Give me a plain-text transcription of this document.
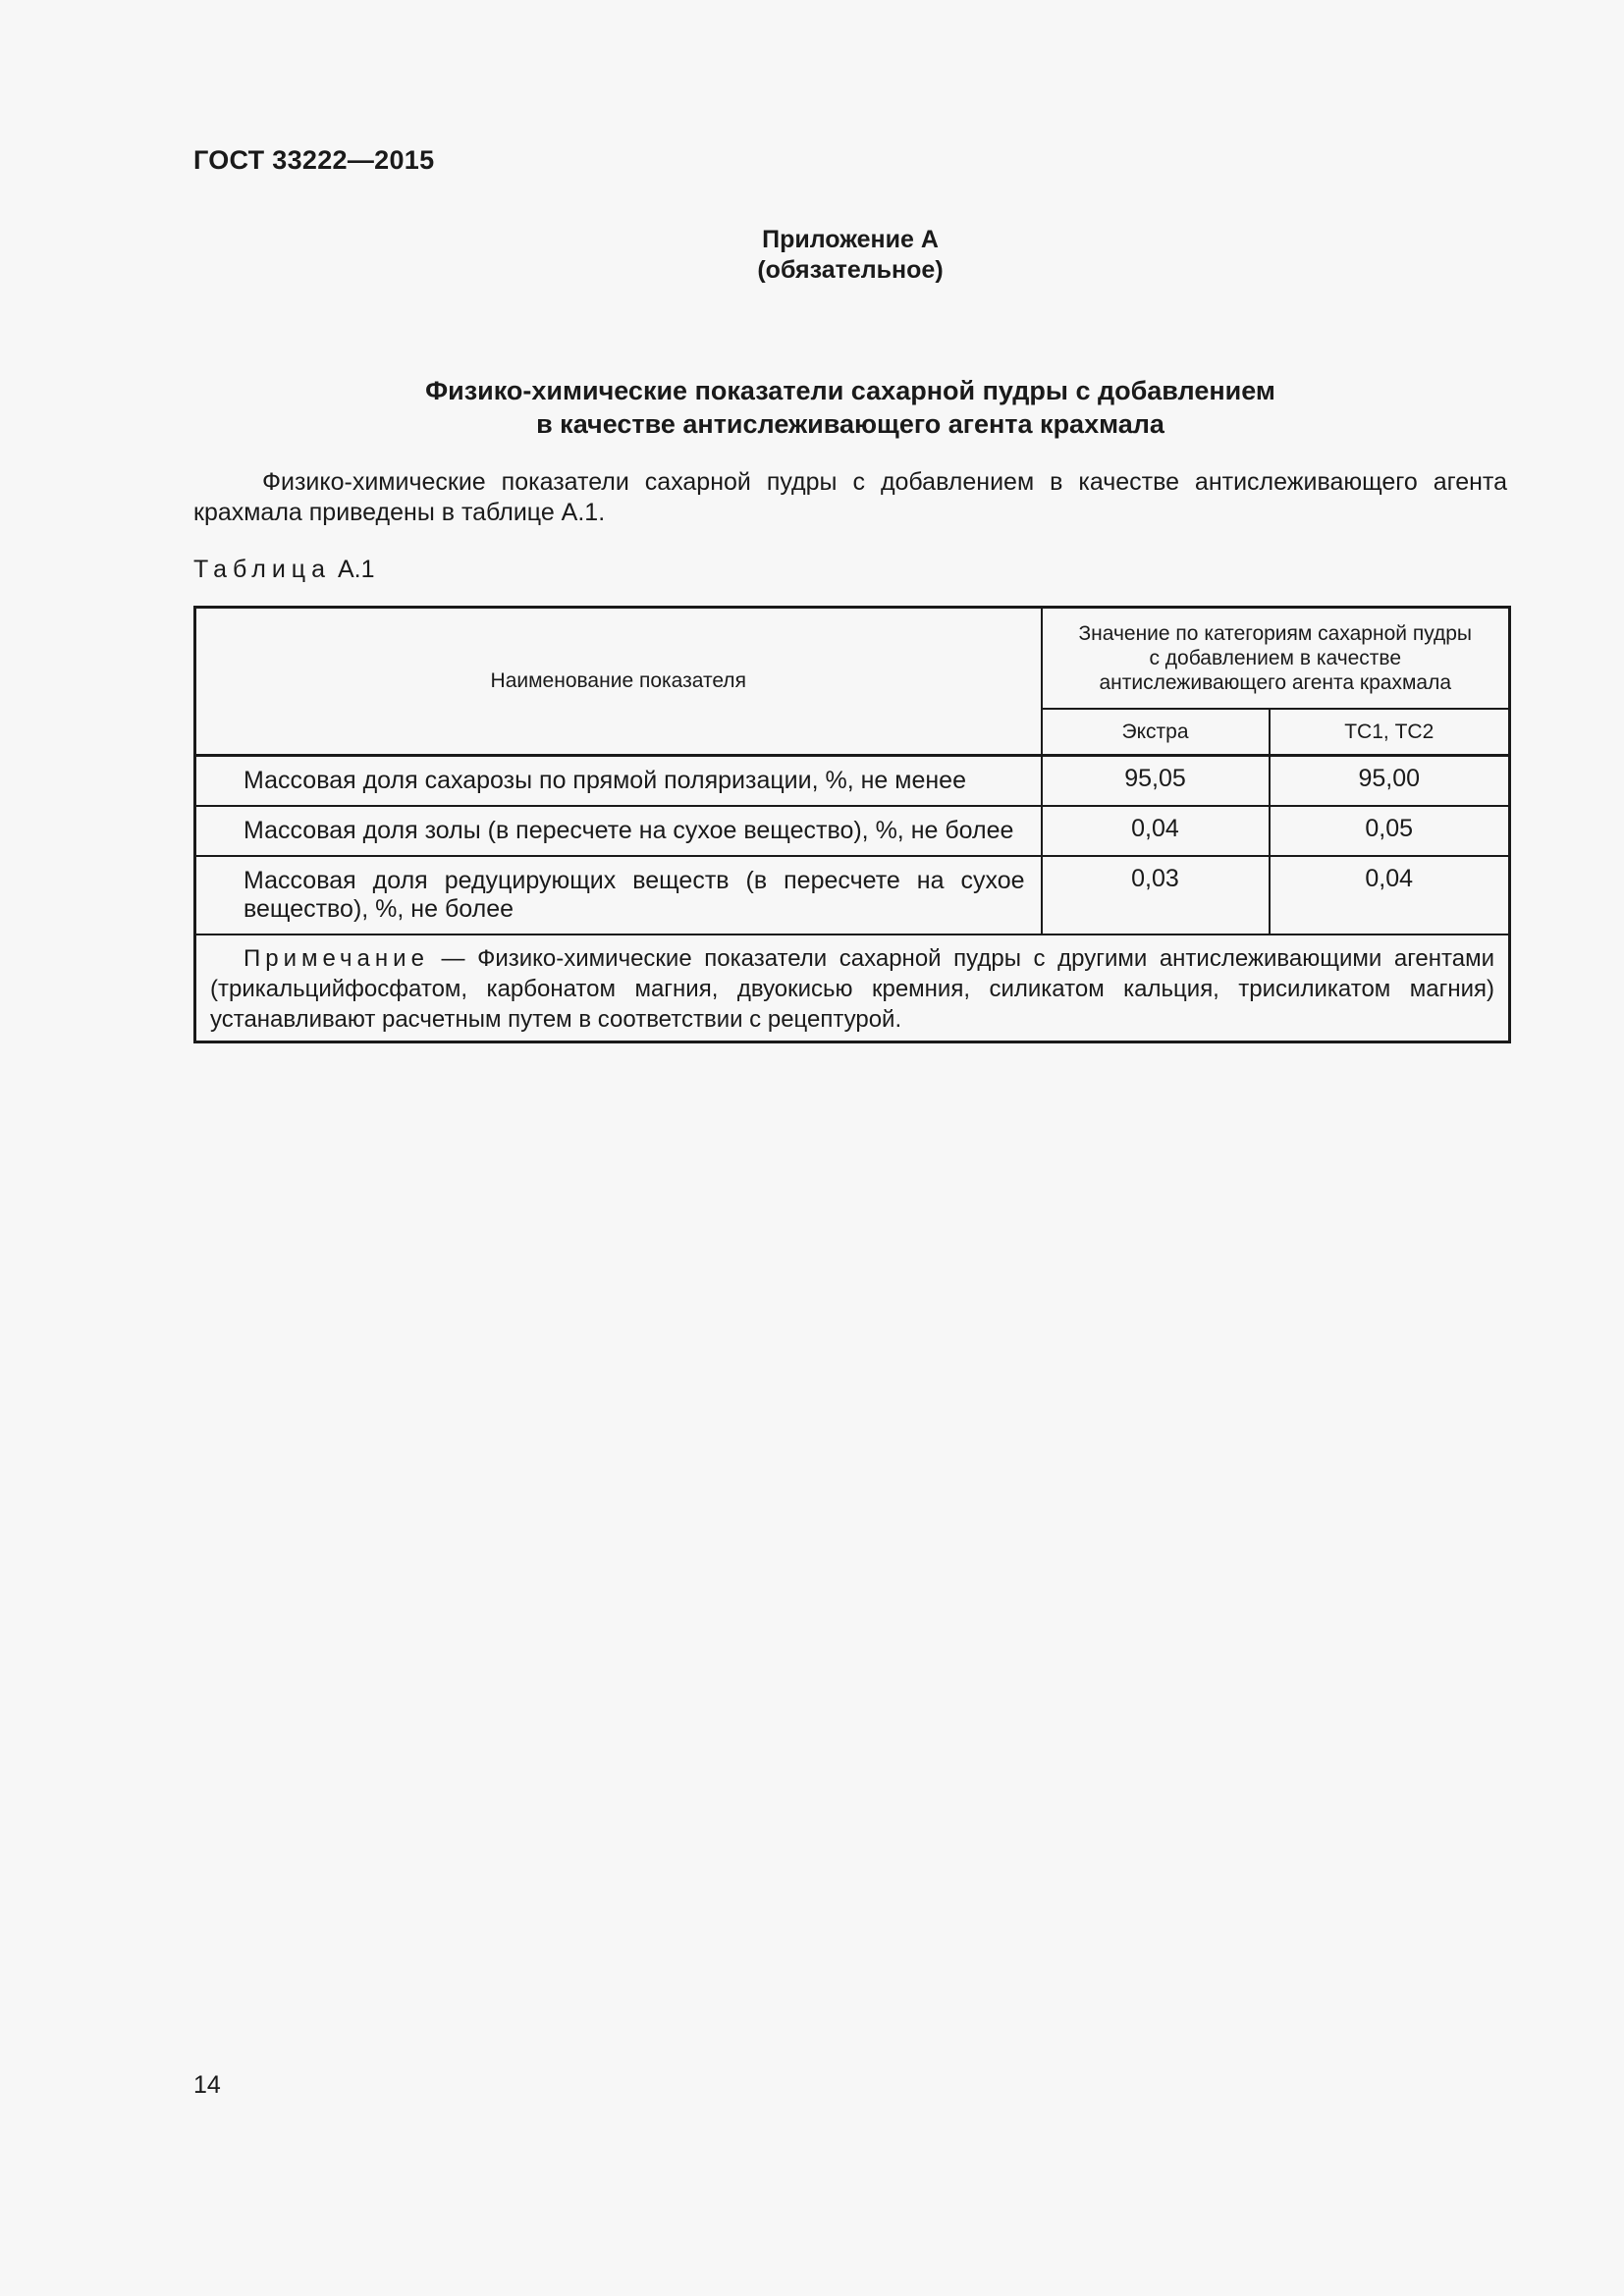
ГОСТ 33222—2015
Приложение А
(обязательное)
Физико-химические показатели сахарной пудры с добавлением
в качестве антислеживающего агента крахмала
Физико-химические показатели сахарной пудры с добавлением в качестве антислеживающего агента крахмала приведены в таблице А.1.
Таблица А.1
Наименование показателя	Значение по категориям сахарной пудры
с добавлением в качестве
антислеживающего агента крахмала	

	Экстра	ТС1, ТС2
Массовая доля сахарозы по прямой поляризации, %, не менее	95,05	95,00
Массовая доля золы (в пересчете на сухое вещество), %, не более	0,04	0,05
Массовая доля редуцирующих веществ (в пересчете на сухое вещество), %, не более	0,03	0,04
Примечание — Физико-химические показатели сахарной пудры с другими антислеживающими агентами (трикальцийфосфатом, карбонатом магния, двуокисью кремния, силикатом кальция, трисиликатом магния) устанавливают расчетным путем в соответствии с рецептурой.		
14
